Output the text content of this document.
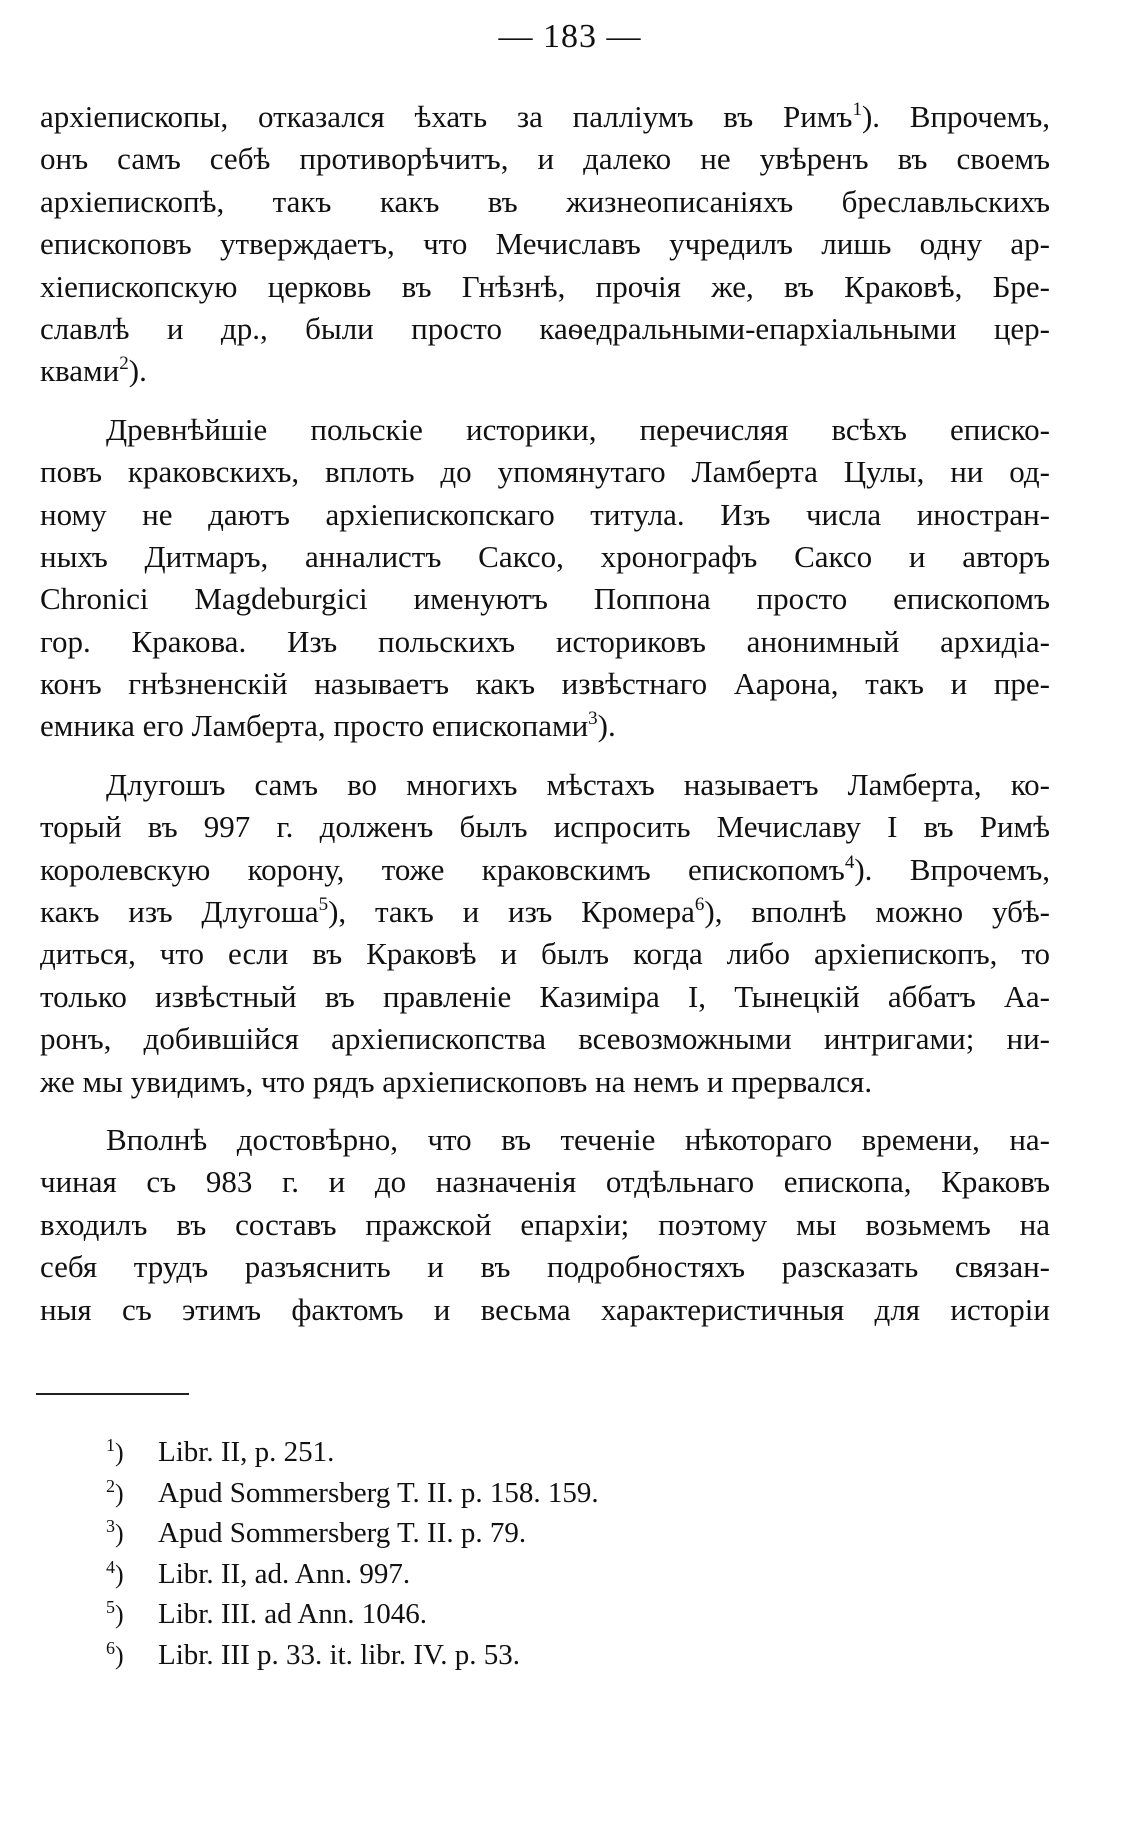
— 183 —

архіепископы, отказался ѣхать за палліумъ въ Римъ$^1$). Впрочемъ,
онъ самъ себѣ противорѣчитъ, и далеко не увѣренъ въ своемъ
архіепископѣ, такъ какъ въ жизнеописаніяхъ бреславльскихъ
епископовъ утверждаетъ, что Мечиславъ учредилъ лишь одну ар-
хіепископскую церковь въ Гнѣзнѣ, прочія же, въ Краковѣ, Бре-
славлѣ и др., были просто каѳедральными-епархіальными цер-
квами$^2$).

Древнѣйшіе польскіе историки, перечисляя всѣхъ еписко-
повъ краковскихъ, вплоть до упомянутаго Ламберта Цулы, ни од-
ному не даютъ архіепископскаго титула. Изъ числа иностран-
ныхъ Дитмаръ, анналистъ Саксо, хронографъ Саксо и авторъ
Chronici Magdeburgici именуютъ Поппона просто епископомъ
гор. Кракова. Изъ польскихъ историковъ анонимный архидіа-
конъ гнѣзненскій называетъ какъ извѣстнаго Аарона, такъ и пре-
емника его Ламберта, просто епископами$^3$).

Длугошъ самъ во многихъ мѣстахъ называетъ Ламберта, ко-
торый въ 997 г. долженъ былъ испросить Мечиславу I въ Римѣ
королевскую корону, тоже краковскимъ епископомъ$^4$). Впрочемъ,
какъ изъ Длугоша$^5$), такъ и изъ Кромера$^6$), вполнѣ можно убѣ-
диться, что если въ Краковѣ и былъ когда либо архіепископъ, то
только извѣстный въ правленіе Казиміра I, Тынецкій аббатъ Аа-
ронъ, добившійся архіепископства всевозможными интригами; ни-
же мы увидимъ, что рядъ архіепископовъ на немъ и прервался.

Вполнѣ достовѣрно, что въ теченіе нѣкотораго времени, на-
чиная съ 983 г. и до назначенія отдѣльнаго епископа, Краковъ
входилъ въ составъ пражской епархіи; поэтому мы возьмемъ на
себя трудъ разъяснить и въ подробностяхъ разсказать связан-
ныя съ этимъ фактомъ и весьма характеристичныя для исторіи

$^1$) Libr. II, p. 251.
$^2$) Apud Sommersberg T. II. p. 158. 159.
$^3$) Apud Sommersberg T. II. p. 79.
$^4$) Libr. II, ad. Ann. 997.
$^5$) Libr. III. ad Ann. 1046.
$^6$) Libr. III p. 33. it. libr. IV. p. 53.
